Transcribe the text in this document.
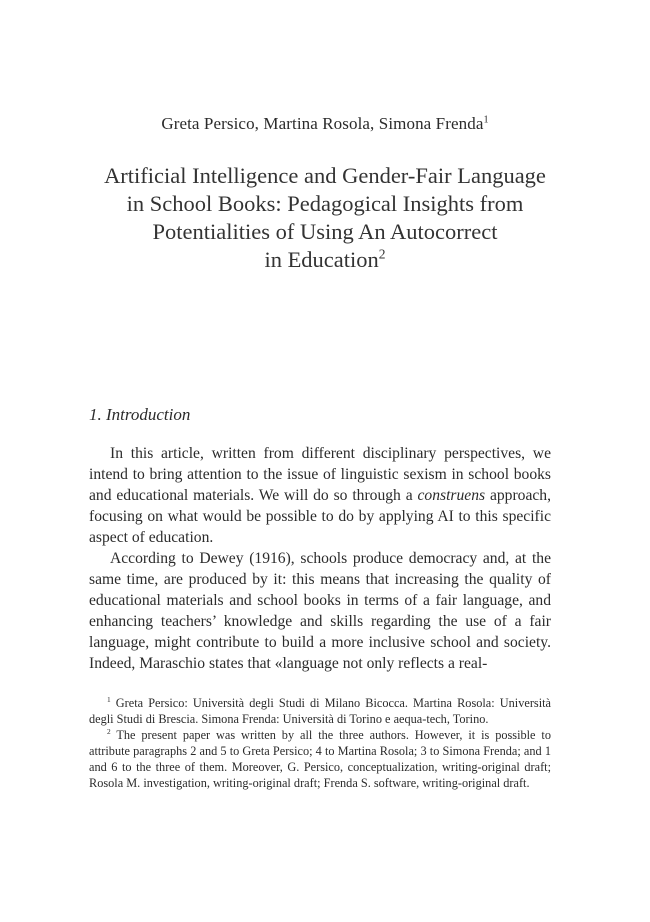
Greta Persico, Martina Rosola, Simona Frenda$^1$
Artificial Intelligence and Gender-Fair Language
in School Books: Pedagogical Insights from
Potentialities of Using An Autocorrect
in Education$^2$
1. Introduction

In this article, written from different disciplinary perspectives, we intend to bring attention to the issue of linguistic sexism in school books and educational materials. We will do so through a construens approach, focusing on what would be possible to do by applying AI to this specific aspect of education.

According to Dewey (1916), schools produce democracy and, at the same time, are produced by it: this means that increasing the quality of educational materials and school books in terms of a fair language, and enhancing teachers’ knowledge and skills regarding the use of a fair language, might contribute to build a more inclusive school and society. Indeed, Maraschio states that «language not only reflects a real-

$^1$ Greta Persico: Università degli Studi di Milano Bicocca. Martina Rosola: Università degli Studi di Brescia. Simona Frenda: Università di Torino e aequa-tech, Torino.

$^2$ The present paper was written by all the three authors. However, it is possible to attribute paragraphs 2 and 5 to Greta Persico; 4 to Martina Rosola; 3 to Simona Frenda; and 1 and 6 to the three of them. Moreover, G. Persico, conceptualization, writing-original draft; Rosola M. investigation, writing-original draft; Frenda S. software, writing-original draft.
